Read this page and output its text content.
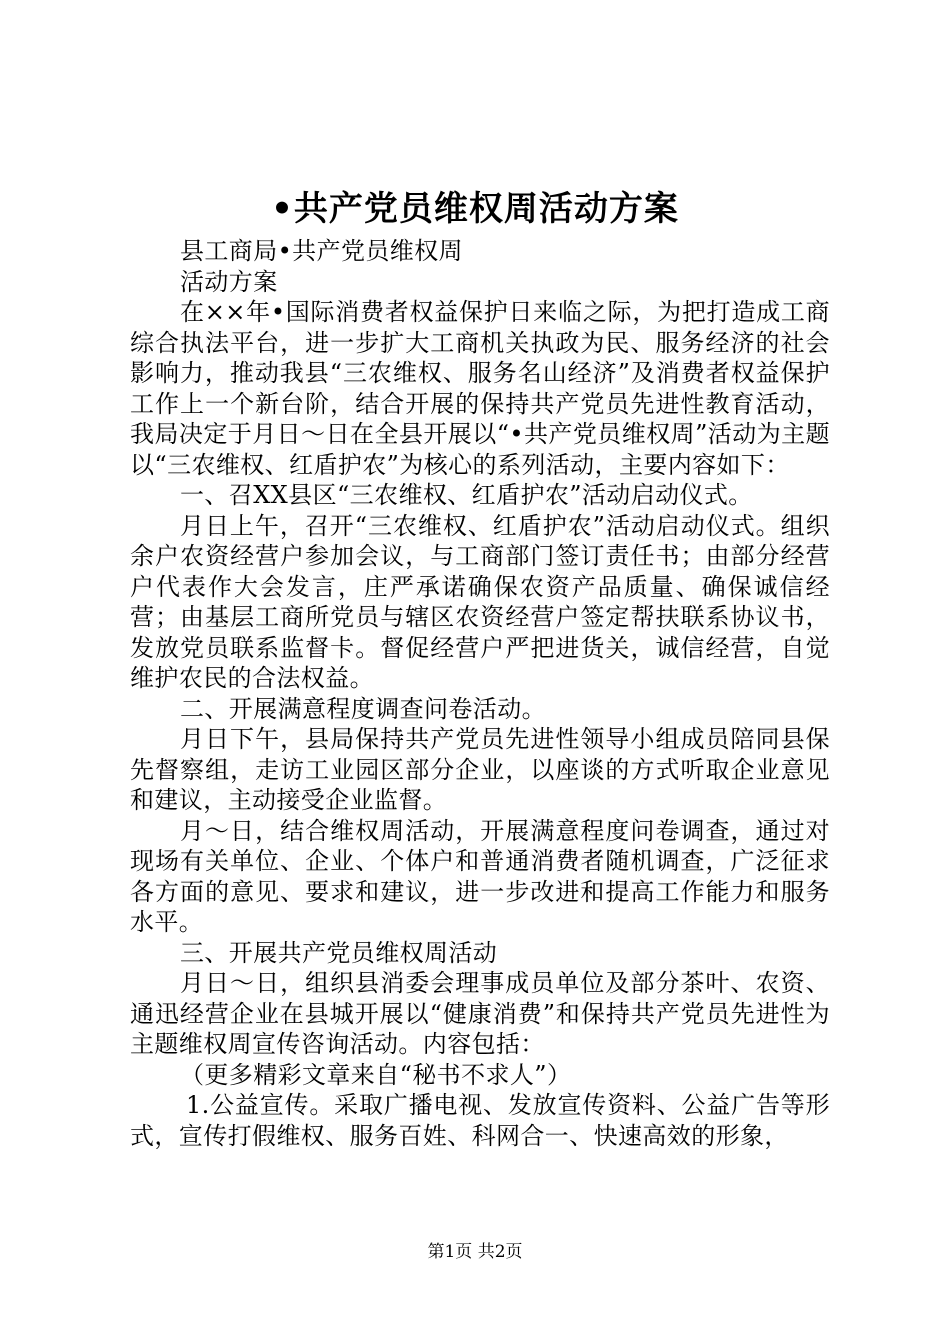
•共产党员维权周活动方案

县工商局•共产党员维权周

活动方案

在××年•国际消费者权益保护日来临之际，为把打造成工商综合执法平台，进一步扩大工商机关执政为民、服务经济的社会影响力，推动我县“三农维权、服务名山经济”及消费者权益保护工作上一个新台阶，结合开展的保持共产党员先进性教育活动，我局决定于月日～日在全县开展以“•共产党员维权周”活动为主题以“三农维权、红盾护农”为核心的系列活动，主要内容如下：

一、召XX县区“三农维权、红盾护农”活动启动仪式。

月日上午，召开“三农维权、红盾护农”活动启动仪式。组织余户农资经营户参加会议，与工商部门签订责任书；由部分经营户代表作大会发言，庄严承诺确保农资产品质量、确保诚信经营；由基层工商所党员与辖区农资经营户签定帮扶联系协议书，发放党员联系监督卡。督促经营户严把进货关，诚信经营，自觉维护农民的合法权益。

二、开展满意程度调查问卷活动。

月日下午，县局保持共产党员先进性领导小组成员陪同县保先督察组，走访工业园区部分企业，以座谈的方式听取企业意见和建议，主动接受企业监督。

月～日，结合维权周活动，开展满意程度问卷调查，通过对现场有关单位、企业、个体户和普通消费者随机调查，广泛征求各方面的意见、要求和建议，进一步改进和提高工作能力和服务水平。

三、开展共产党员维权周活动

月日～日，组织县消委会理事成员单位及部分茶叶、农资、通迅经营企业在县城开展以“健康消费”和保持共产党员先进性为主题维权周宣传咨询活动。内容包括：

（更多精彩文章来自“秘书不求人”）

1.公益宣传。采取广播电视、发放宣传资料、公益广告等形式，宣传打假维权、服务百姓、科网合一、快速高效的形象，

第1页 共2页
